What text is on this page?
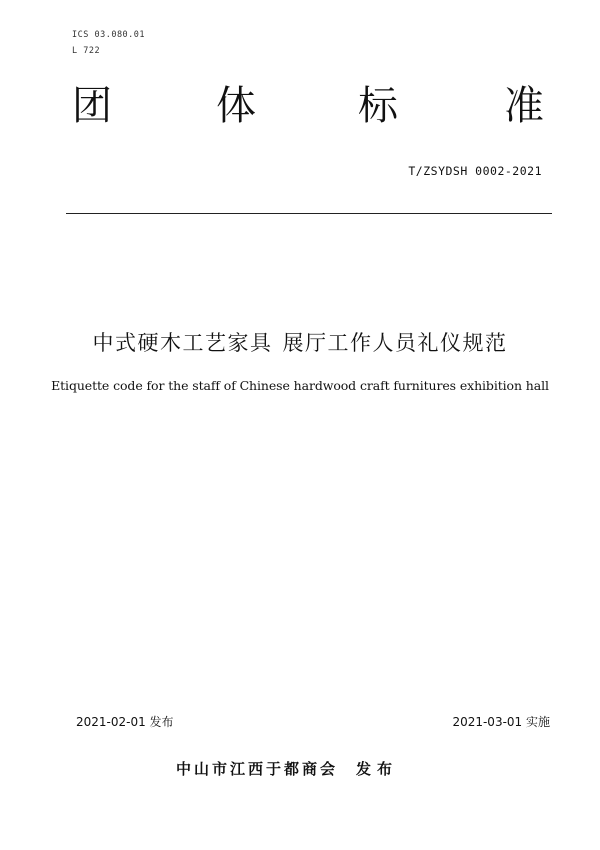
ICS 03.080.01
L 722
团	体	标	准
T/ZSYDSH 0002-2021
中式硬木工艺家具 展厅工作人员礼仪规范
Etiquette code for the staff of Chinese hardwood craft furnitures exhibition hall
2021-02-01 发布	2021-03-01 实施
中山市江西于都商会 发布
